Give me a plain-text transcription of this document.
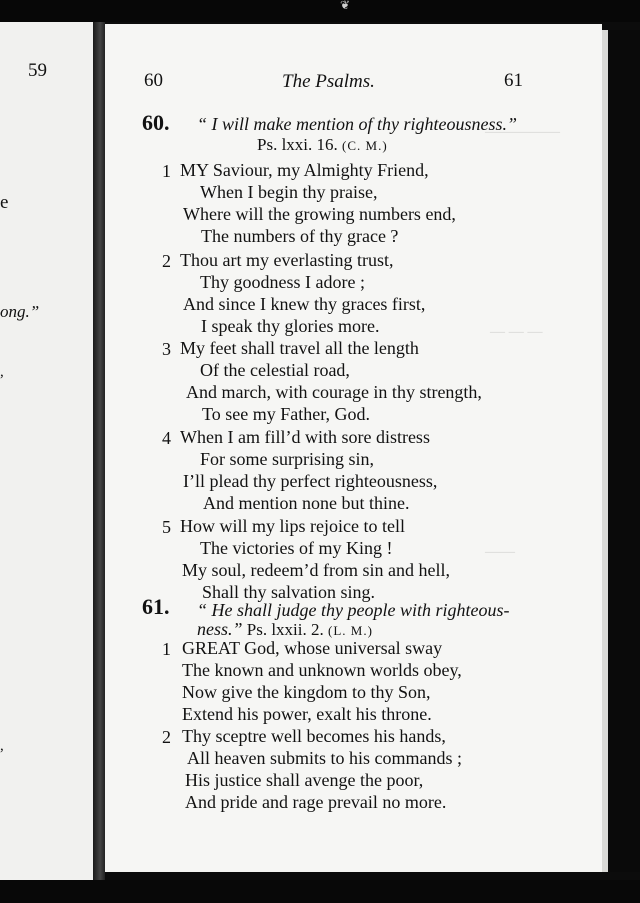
❦
59
e
ong.”
,
,
—————
— — —
——
60	The Psalms.	61
60. “ I will make mention of thy righteousness.”
Ps. lxxi. 16. (C. M.)
1 MY Saviour, my Almighty Friend,
When I begin thy praise,
Where will the growing numbers end,
The numbers of thy grace ?
2 Thou art my everlasting trust,
Thy goodness I adore ;
And since I knew thy graces first,
I speak thy glories more.
3 My feet shall travel all the length
Of the celestial road,
And march, with courage in thy strength,
To see my Father, God.
4 When I am fill’d with sore distress
For some surprising sin,
I’ll plead thy perfect righteousness,
And mention none but thine.
5 How will my lips rejoice to tell
The victories of my King !
My soul, redeem’d from sin and hell,
Shall thy salvation sing.
61. “ He shall judge thy people with righteous-
ness.” Ps. lxxii. 2. (L. M.)
1 GREAT God, whose universal sway
The known and unknown worlds obey,
Now give the kingdom to thy Son,
Extend his power, exalt his throne.
2 Thy sceptre well becomes his hands,
All heaven submits to his commands ;
His justice shall avenge the poor,
And pride and rage prevail no more.
